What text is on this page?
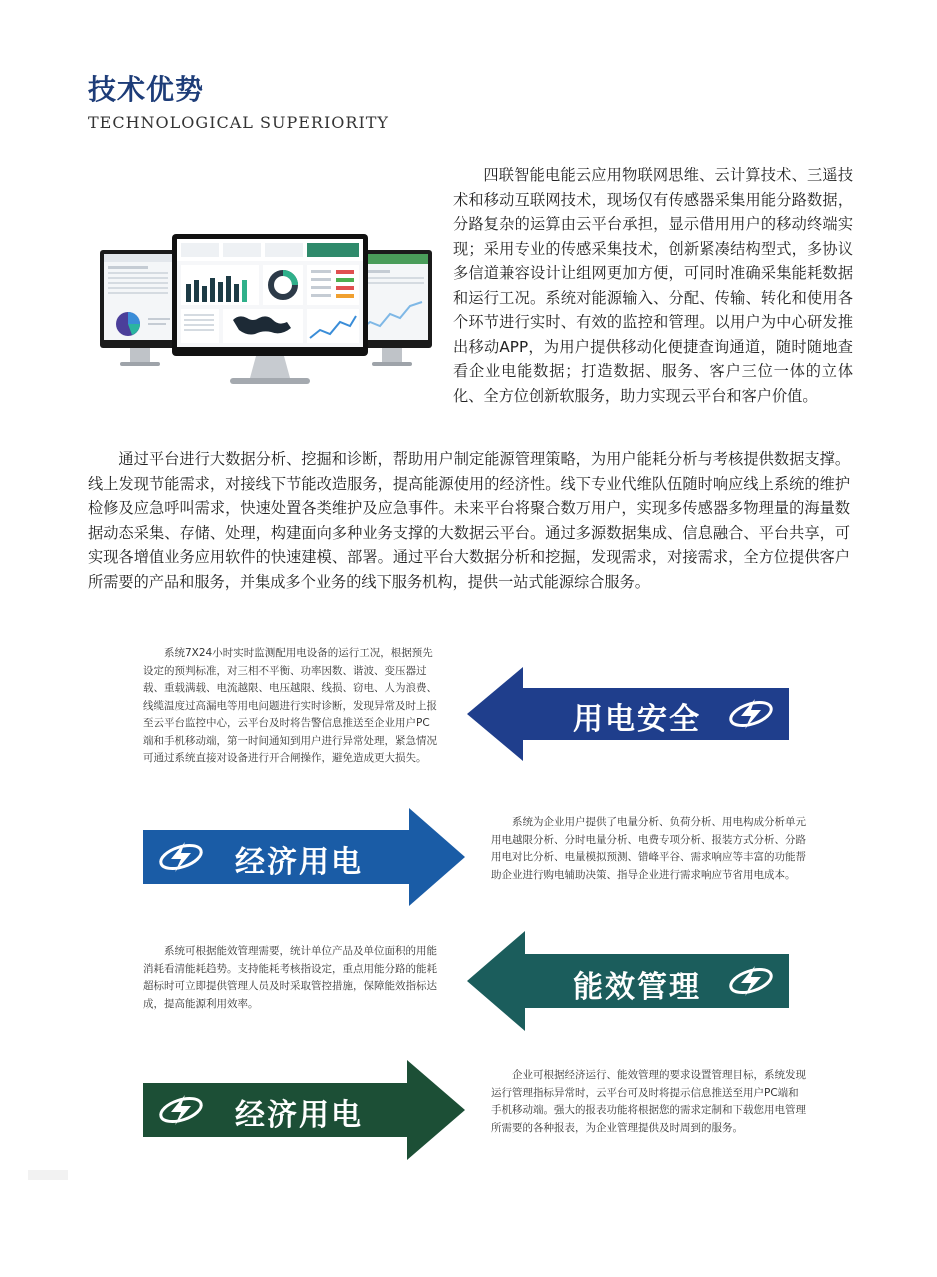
技术优势
TECHNOLOGICAL SUPERIORITY

四联智能电能云应用物联网思维、云计算技术、三遥技术和移动互联网技术，现场仅有传感器采集用能分路数据，分路复杂的运算由云平台承担，显示借用用户的移动终端实现；采用专业的传感采集技术，创新紧凑结构型式，多协议多信道兼容设计让组网更加方便，可同时准确采集能耗数据和运行工况。系统对能源输入、分配、传输、转化和使用各个环节进行实时、有效的监控和管理。以用户为中心研发推出移动APP，为用户提供移动化便捷查询通道，随时随地查看企业电能数据；打造数据、服务、客户三位一体的立体化、全方位创新软服务，助力实现云平台和客户价值。

通过平台进行大数据分析、挖掘和诊断，帮助用户制定能源管理策略，为用户能耗分析与考核提供数据支撑。线上发现节能需求，对接线下节能改造服务，提高能源使用的经济性。线下专业代维队伍随时响应线上系统的维护检修及应急呼叫需求，快速处置各类维护及应急事件。未来平台将聚合数万用户，实现多传感器多物理量的海量数据动态采集、存储、处理，构建面向多种业务支撑的大数据云平台。通过多源数据集成、信息融合、平台共享，可实现各增值业务应用软件的快速建模、部署。通过平台大数据分析和挖掘，发现需求，对接需求，全方位提供客户所需要的产品和服务，并集成多个业务的线下服务机构，提供一站式能源综合服务。

系统7X24小时实时监测配用电设备的运行工况，根据预先设定的预判标准，对三相不平衡、功率因数、谐波、变压器过载、重载满载、电流越限、电压越限、线损、窃电、人为浪费、线缆温度过高漏电等用电问题进行实时诊断，发现异常及时上报至云平台监控中心，云平台及时将告警信息推送至企业用户PC端和手机移动端，第一时间通知到用户进行异常处理，紧急情况可通过系统直接对设备进行开合闸操作，避免造成更大损失。

用电安全
经济用电

系统为企业用户提供了电量分析、负荷分析、用电构成分析单元用电越限分析、分时电量分析、电费专项分析、报装方式分析、分路用电对比分析、电量模拟预测、错峰平谷、需求响应等丰富的功能帮助企业进行购电辅助决策、指导企业进行需求响应节省用电成本。

系统可根据能效管理需要，统计单位产品及单位面积的用能消耗看清能耗趋势。支持能耗考核指设定，重点用能分路的能耗超标时可立即提供管理人员及时采取管控措施，保障能效指标达成，提高能源利用效率。	能效管理
经济用电

企业可根据经济运行、能效管理的要求设置管理目标，系统发现运行管理指标异常时，云平台可及时将提示信息推送至用户PC端和手机移动端。强大的报表功能将根据您的需求定制和下载您用电管理所需要的各种报表，为企业管理提供及时周到的服务。
